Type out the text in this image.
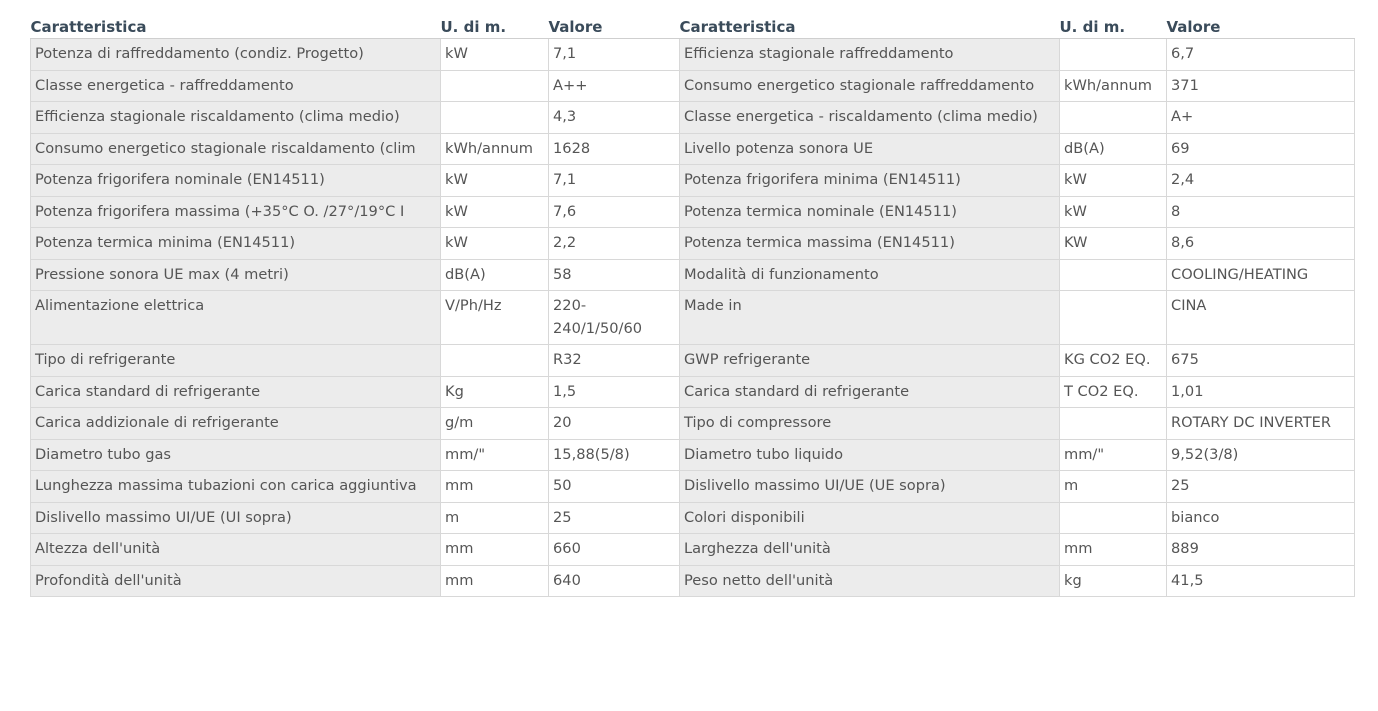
Caratteristica	U. di m.	Valore	Caratteristica	U. di m.	Valore
Potenza di raffreddamento (condiz. Progetto)	kW	7,1	Efficienza stagionale raffreddamento		6,7
Classe energetica - raffreddamento		A++	Consumo energetico stagionale raffreddamento	kWh/annum	371
Efficienza stagionale riscaldamento (clima medio)		4,3	Classe energetica - riscaldamento (clima medio)		A+
Consumo energetico stagionale riscaldamento (clim	kWh/annum	1628	Livello potenza sonora UE	dB(A)	69
Potenza frigorifera nominale (EN14511)	kW	7,1	Potenza frigorifera minima (EN14511)	kW	2,4
Potenza frigorifera massima (+35°C O. /27°/19°C I	kW	7,6	Potenza termica nominale (EN14511)	kW	8
Potenza termica minima (EN14511)	kW	2,2	Potenza termica massima (EN14511)	KW	8,6
Pressione sonora UE max (4 metri)	dB(A)	58	Modalità di funzionamento		COOLING/HEATING
Alimentazione elettrica	V/Ph/Hz	220-240/1/50/60	Made in		CINA
Tipo di refrigerante		R32	GWP refrigerante	KG CO2 EQ.	675
Carica standard di refrigerante	Kg	1,5	Carica standard di refrigerante	T CO2 EQ.	1,01
Carica addizionale di refrigerante	g/m	20	Tipo di compressore		ROTARY DC INVERTER
Diametro tubo gas	mm/"	15,88(5/8)	Diametro tubo liquido	mm/"	9,52(3/8)
Lunghezza massima tubazioni con carica aggiuntiva	mm	50	Dislivello massimo UI/UE (UE sopra)	m	25
Dislivello massimo UI/UE (UI sopra)	m	25	Colori disponibili		bianco
Altezza dell'unità	mm	660	Larghezza dell'unità	mm	889
Profondità dell'unità	mm	640	Peso netto dell'unità	kg	41,5
